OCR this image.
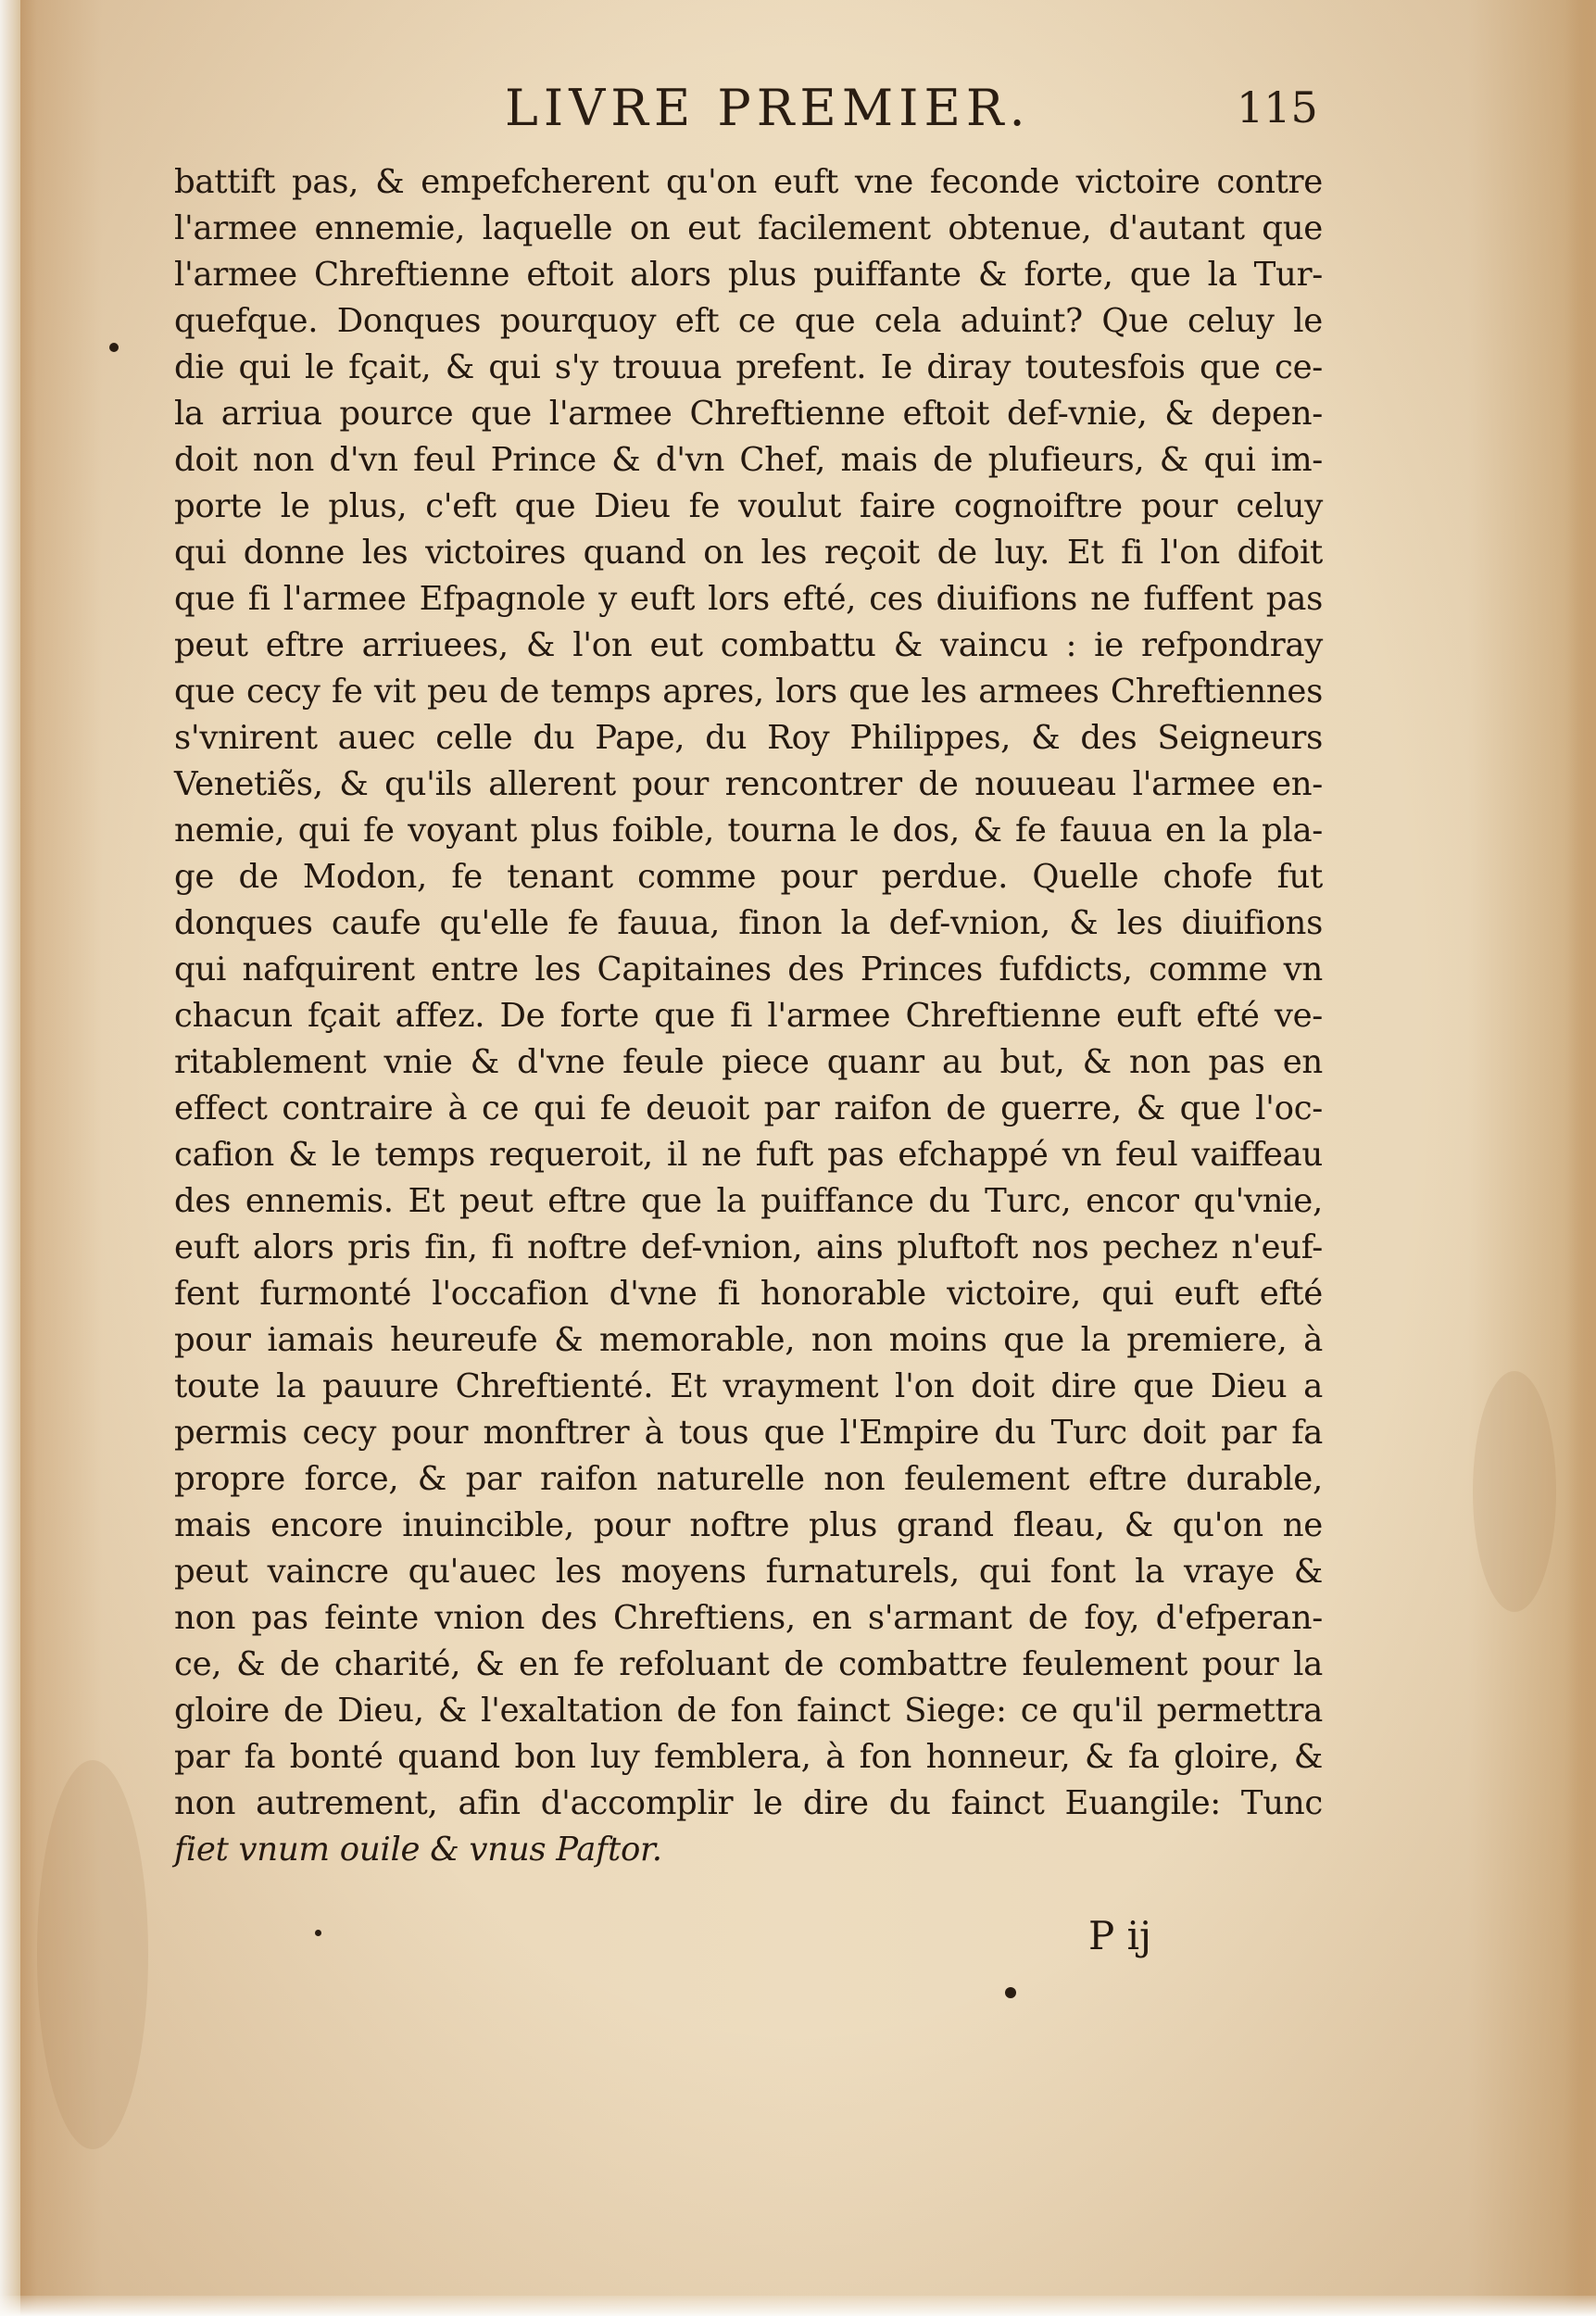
LIVRE PREMIER.	115
battift pas, & empefcherent qu'on euft vne feconde victoire contre
l'armee ennemie, laquelle on eut facilement obtenue, d'autant que
l'armee Chreftienne eftoit alors plus puiffante & forte, que la Tur-
quefque. Donques pourquoy eft ce que cela aduint? Que celuy le
die qui le fçait, & qui s'y trouua prefent. Ie diray toutesfois que ce-
la arriua pource que l'armee Chreftienne eftoit def-vnie, & depen-
doit non d'vn feul Prince & d'vn Chef, mais de plufieurs, & qui im-
porte le plus, c'eft que Dieu fe voulut faire cognoiftre pour celuy
qui donne les victoires quand on les reçoit de luy. Et fi l'on difoit
que fi l'armee Efpagnole y euft lors efté, ces diuifions ne fuffent pas
peut eftre arriuees, & l'on eut combattu & vaincu : ie refpondray
que cecy fe vit peu de temps apres, lors que les armees Chreftiennes
s'vnirent auec celle du Pape, du Roy Philippes, & des Seigneurs
Venetiẽs, & qu'ils allerent pour rencontrer de nouueau l'armee en-
nemie, qui fe voyant plus foible, tourna le dos, & fe fauua en la pla-
ge de Modon, fe tenant comme pour perdue. Quelle chofe fut
donques caufe qu'elle fe fauua, finon la def-vnion, & les diuifions
qui nafquirent entre les Capitaines des Princes fufdicts, comme vn
chacun fçait affez. De forte que fi l'armee Chreftienne euft efté ve-
ritablement vnie & d'vne feule piece quanr au but, & non pas en
effect contraire à ce qui fe deuoit par raifon de guerre, & que l'oc-
cafion & le temps requeroit, il ne fuft pas efchappé vn feul vaiffeau
des ennemis. Et peut eftre que la puiffance du Turc, encor qu'vnie,
euft alors pris fin, fi noftre def-vnion, ains pluftoft nos pechez n'euf-
fent furmonté l'occafion d'vne fi honorable victoire, qui euft efté
pour iamais heureufe & memorable, non moins que la premiere, à
toute la pauure Chreftienté. Et vrayment l'on doit dire que Dieu a
permis cecy pour monftrer à tous que l'Empire du Turc doit par fa
propre force, & par raifon naturelle non feulement eftre durable,
mais encore inuincible, pour noftre plus grand fleau, & qu'on ne
peut vaincre qu'auec les moyens furnaturels, qui font la vraye &
non pas feinte vnion des Chreftiens, en s'armant de foy, d'efperan-
ce, & de charité, & en fe refoluant de combattre feulement pour la
gloire de Dieu, & l'exaltation de fon fainct Siege: ce qu'il permettra
par fa bonté quand bon luy femblera, à fon honneur, & fa gloire, &
non autrement, afin d'accomplir le dire du fainct Euangile: Tunc
fiet vnum ouile & vnus Paftor.
P ij
